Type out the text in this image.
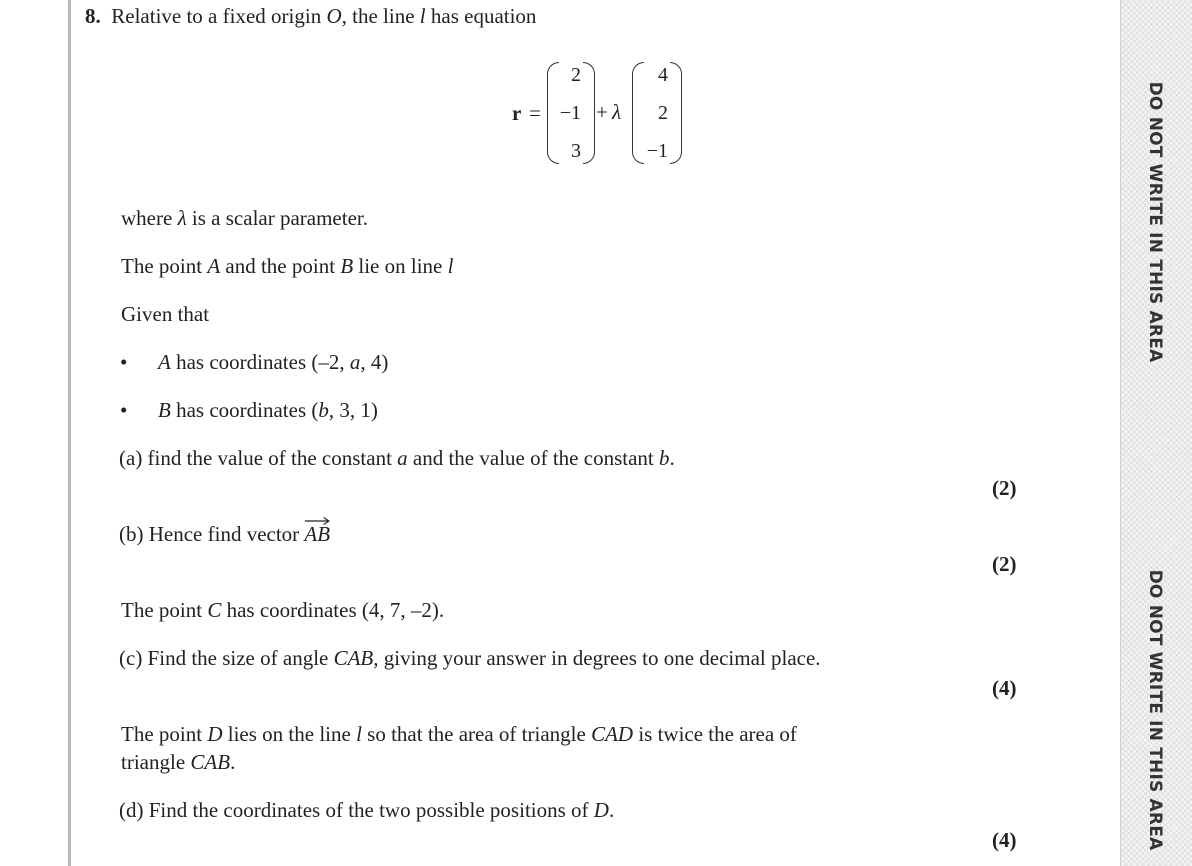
8. Relative to a fixed origin O, the line l has equation
r =
2
−1
3
+ λ
4
2
−1
where λ is a scalar parameter.
The point A and the point B lie on line l
Given that
• A has coordinates (–2, a, 4)
• B has coordinates (b, 3, 1)
(a) find the value of the constant a and the value of the constant b.
(2)
(b) Hence find vector
AB
(2)
The point C has coordinates (4, 7, –2).
(c) Find the size of angle CAB, giving your answer in degrees to one decimal place.
(4)
The point D lies on the line l so that the area of triangle CAD is twice the area of
triangle CAB.
(d) Find the coordinates of the two possible positions of D.
(4)
DO NOT WRITE IN THIS AREA
DO NOT WRITE IN THIS AREA
